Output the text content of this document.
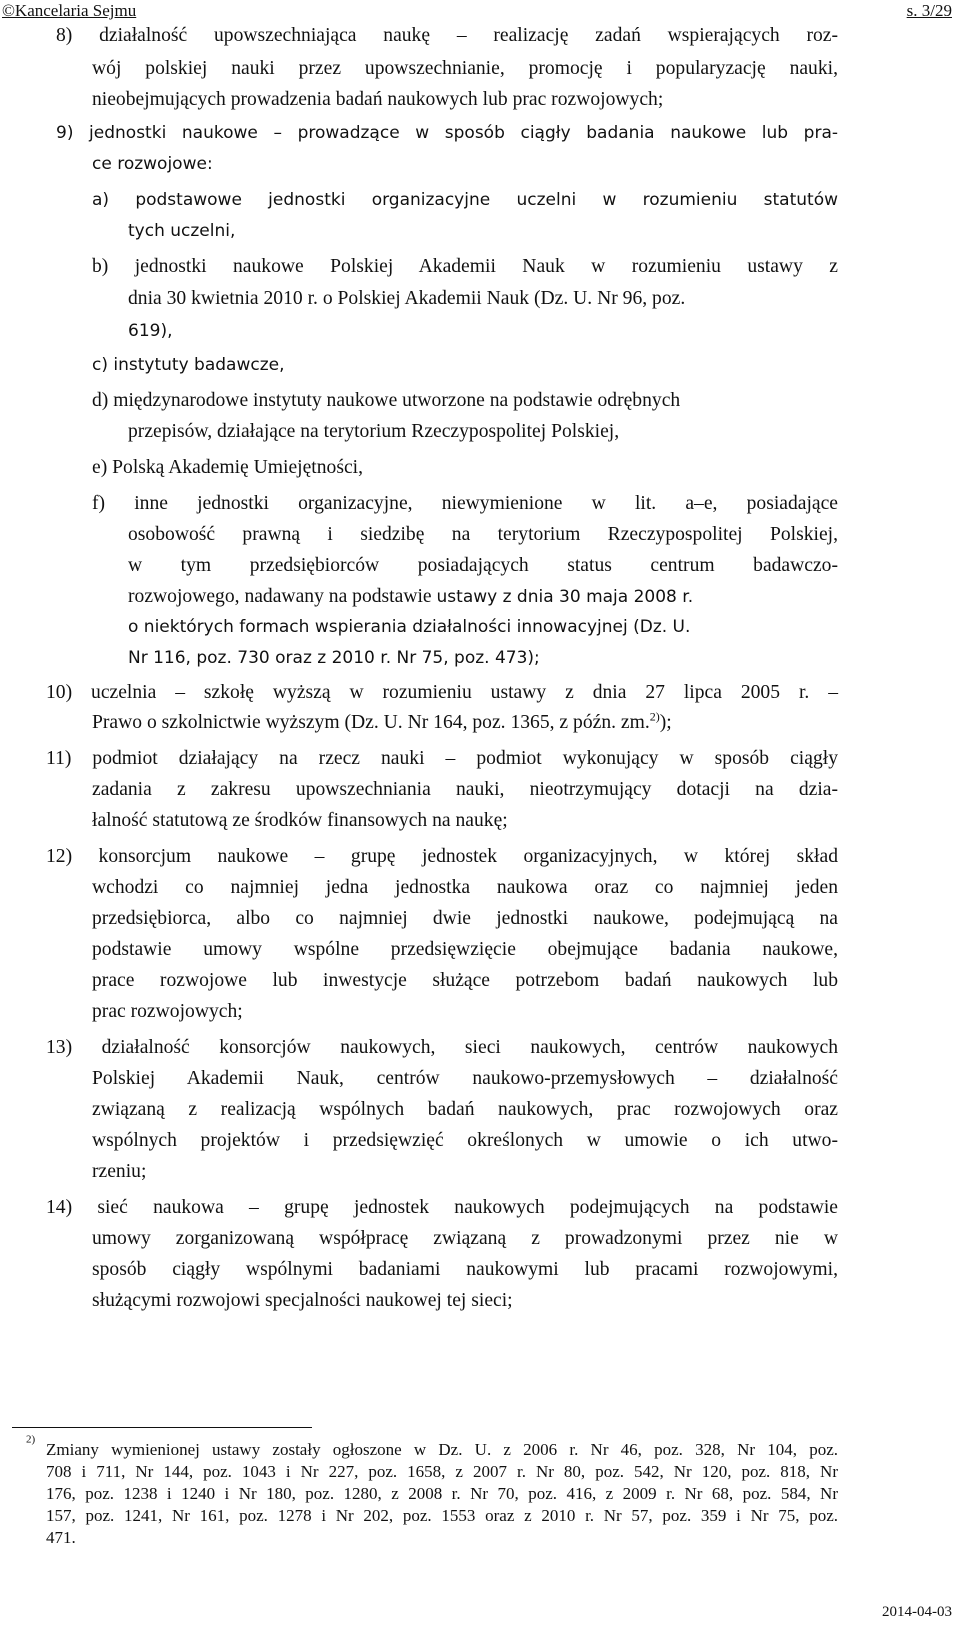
©Kancelaria Sejmu	s. 3/29
8) działalność upowszechniająca naukę – realizację zadań wspierających roz-
wój polskiej nauki przez upowszechnianie, promocję i popularyzację nauki,
nieobejmujących prowadzenia badań naukowych lub prac rozwojowych;
9) jednostki naukowe – prowadzące w sposób ciągły badania naukowe lub pra-
ce rozwojowe:
a) podstawowe jednostki organizacyjne uczelni w rozumieniu statutów
tych uczelni,
b) jednostki naukowe Polskiej Akademii Nauk w rozumieniu ustawy z
dnia 30 kwietnia 2010 r. o Polskiej Akademii Nauk (Dz. U. Nr 96, poz.
619),
c) instytuty badawcze,
d) międzynarodowe instytuty naukowe utworzone na podstawie odrębnych
przepisów, działające na terytorium Rzeczypospolitej Polskiej,
e) Polską Akademię Umiejętności,
f) inne jednostki organizacyjne, niewymienione w lit. a–e, posiadające
osobowość prawną i siedzibę na terytorium Rzeczypospolitej Polskiej,
w tym przedsiębiorców posiadających status centrum badawczo-
rozwojowego, nadawany na podstawie ustawy z dnia 30 maja 2008 r.
o niektórych formach wspierania działalności innowacyjnej (Dz. U.
Nr 116, poz. 730 oraz z 2010 r. Nr 75, poz. 473);
10) uczelnia – szkołę wyższą w rozumieniu ustawy z dnia 27 lipca 2005 r. –
Prawo o szkolnictwie wyższym (Dz. U. Nr 164, poz. 1365, z późn. zm.$^{2)}$);
11) podmiot działający na rzecz nauki – podmiot wykonujący w sposób ciągły
zadania z zakresu upowszechniania nauki, nieotrzymujący dotacji na dzia-
łalność statutową ze środków finansowych na naukę;
12) konsorcjum naukowe – grupę jednostek organizacyjnych, w której skład
wchodzi co najmniej jedna jednostka naukowa oraz co najmniej jeden
przedsiębiorca, albo co najmniej dwie jednostki naukowe, podejmującą na
podstawie umowy wspólne przedsięwzięcie obejmujące badania naukowe,
prace rozwojowe lub inwestycje służące potrzebom badań naukowych lub
prac rozwojowych;
13) działalność konsorcjów naukowych, sieci naukowych, centrów naukowych
Polskiej Akademii Nauk, centrów naukowo-przemysłowych – działalność
związaną z realizacją wspólnych badań naukowych, prac rozwojowych oraz
wspólnych projektów i przedsięwzięć określonych w umowie o ich utwo-
rzeniu;
14) sieć naukowa – grupę jednostek naukowych podejmujących na podstawie
umowy zorganizowaną współpracę związaną z prowadzonymi przez nie w
sposób ciągły wspólnymi badaniami naukowymi lub pracami rozwojowymi,
służącymi rozwojowi specjalności naukowej tej sieci;
$^{2)}$
Zmiany wymienionej ustawy zostały ogłoszone w Dz. U. z 2006 r. Nr 46, poz. 328, Nr 104, poz.
708 i 711, Nr 144, poz. 1043 i Nr 227, poz. 1658, z 2007 r. Nr 80, poz. 542, Nr 120, poz. 818, Nr
176, poz. 1238 i 1240 i Nr 180, poz. 1280, z 2008 r. Nr 70, poz. 416, z 2009 r. Nr 68, poz. 584, Nr
157, poz. 1241, Nr 161, poz. 1278 i Nr 202, poz. 1553 oraz z 2010 r. Nr 57, poz. 359 i Nr 75, poz.
471.
2014-04-03
